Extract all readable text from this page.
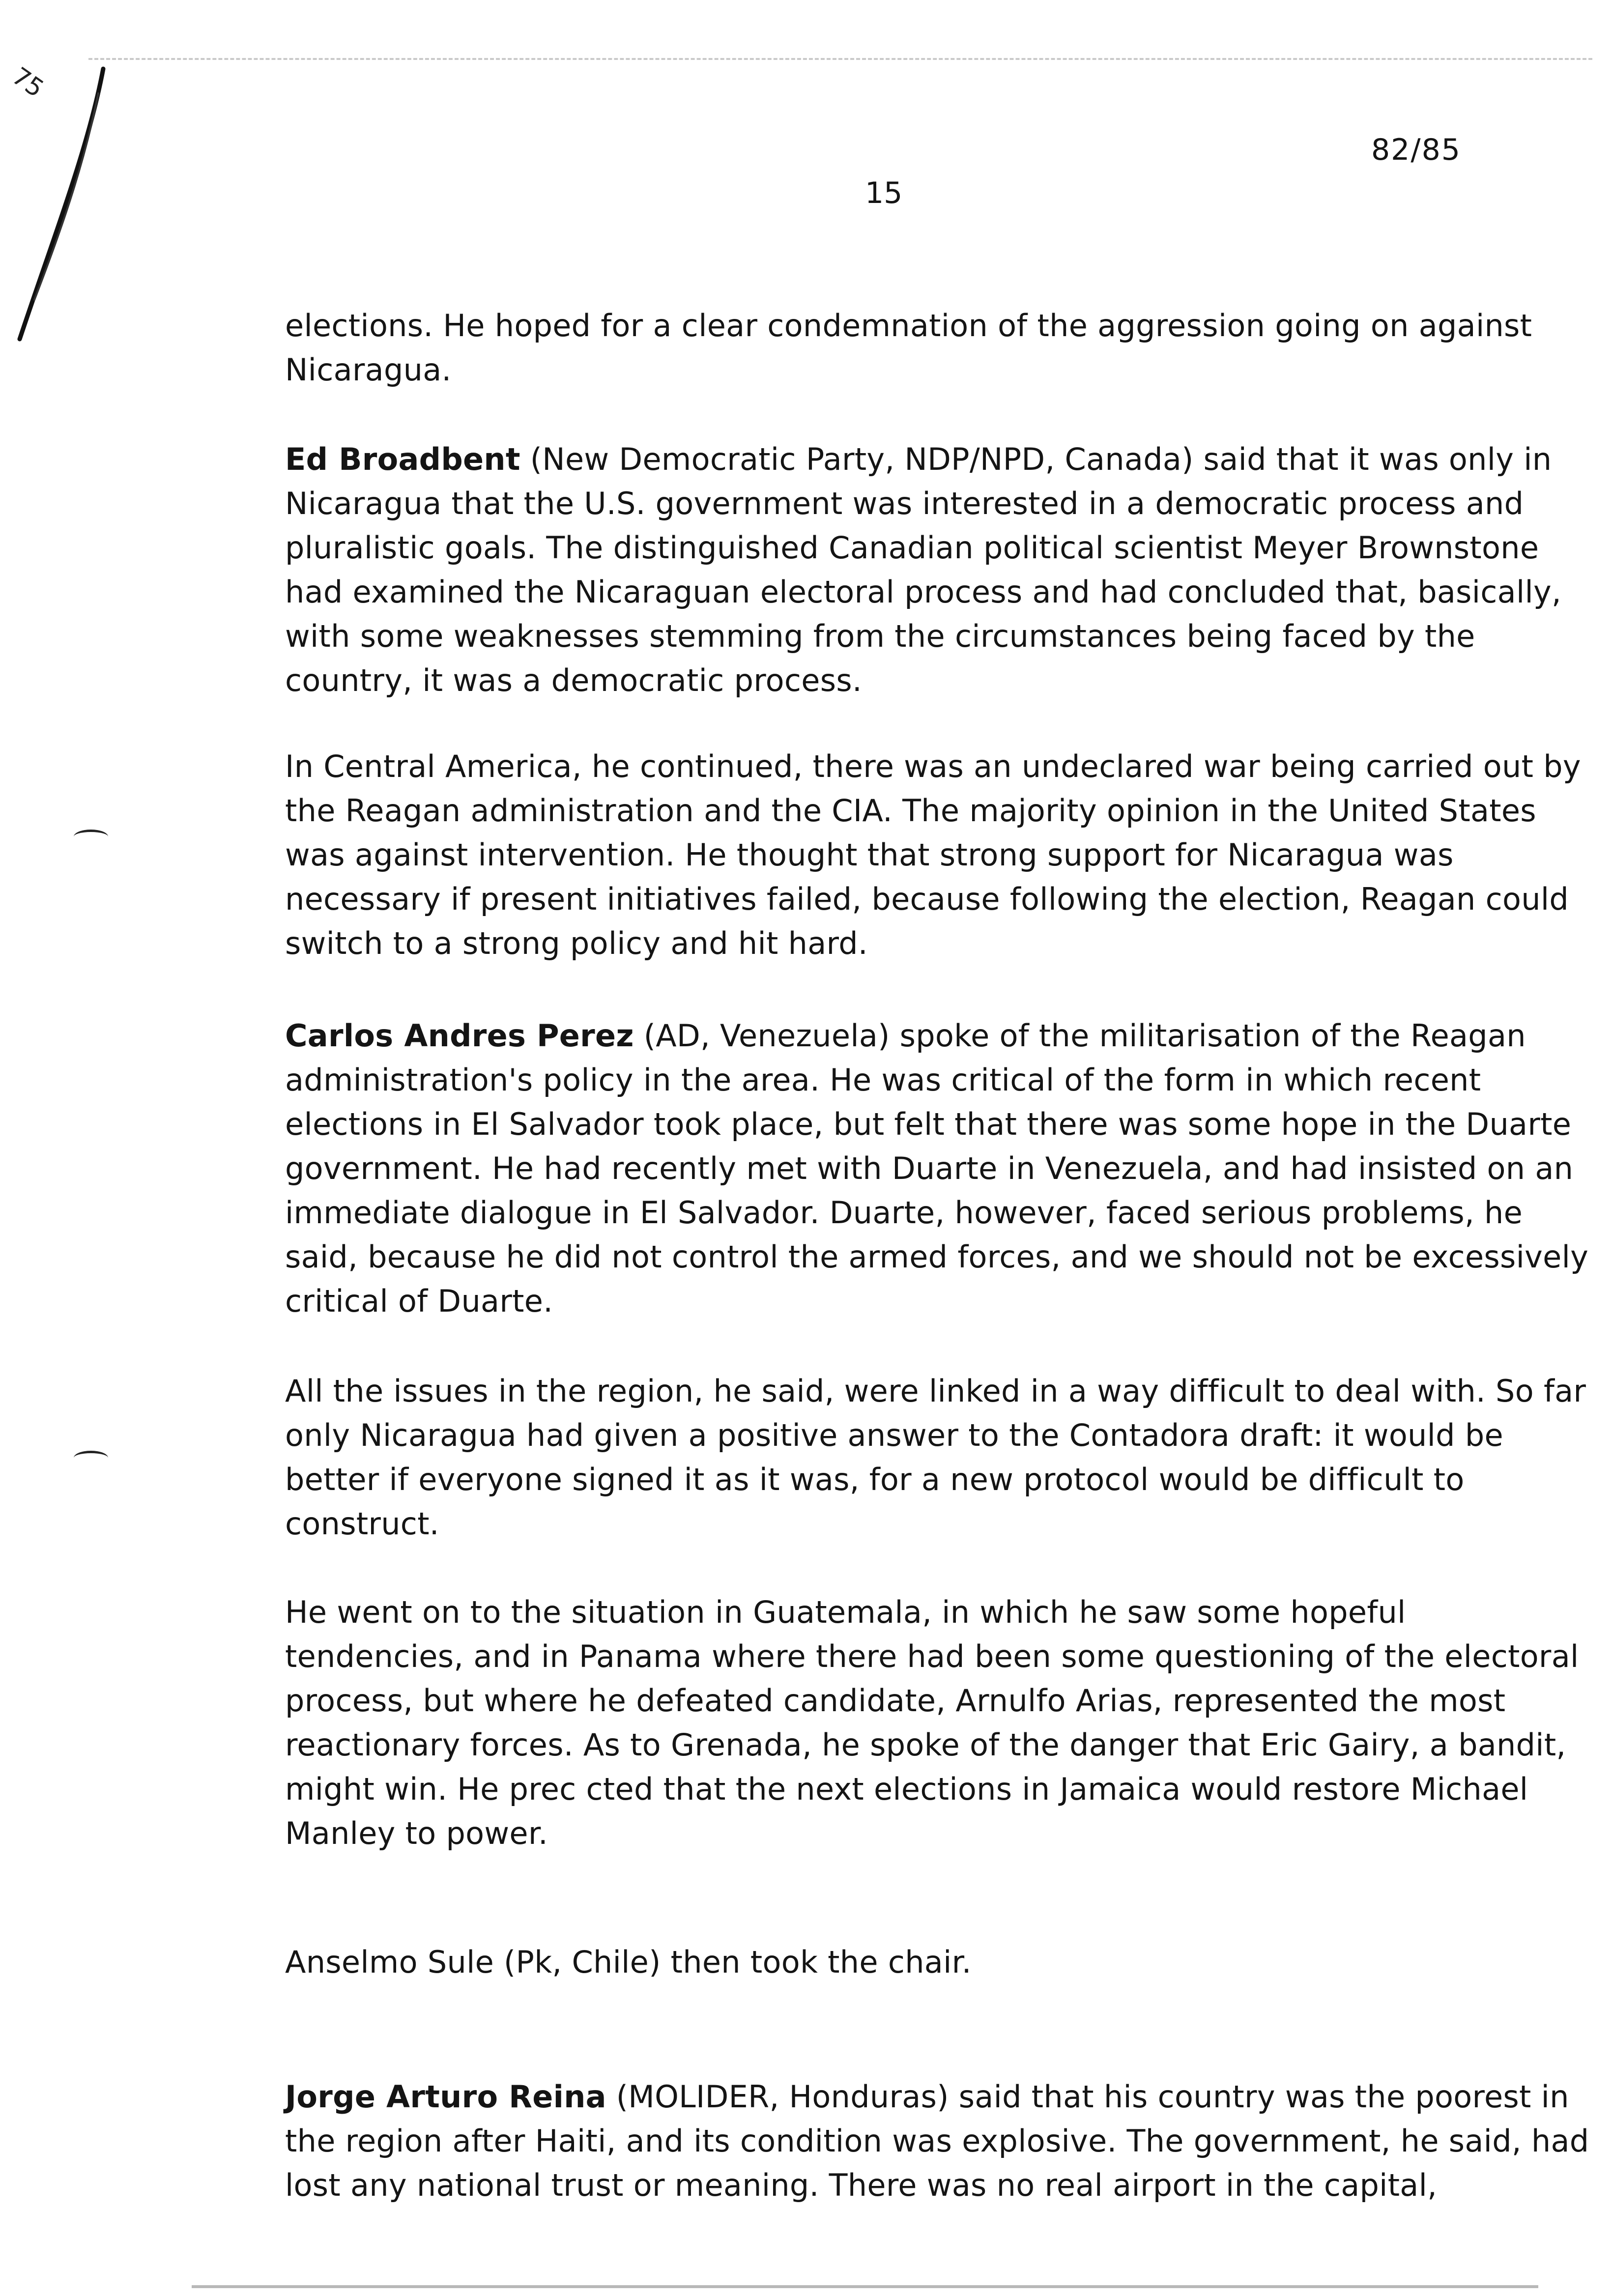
75
82/85
15

elections. He hoped for a clear condemnation of the aggression going on against Nicaragua.

Ed Broadbent (New Democratic Party, NDP/NPD, Canada) said that it was only in Nicaragua that the U.S. government was interested in a democratic process and pluralistic goals. The distinguished Canadian political scientist Meyer Brownstone had examined the Nicaraguan electoral process and had concluded that, basically, with some weaknesses stemming from the circumstances being faced by the country, it was a democratic process.

In Central America, he continued, there was an undeclared war being carried out by the Reagan administration and the CIA. The majority opinion in the United States was against intervention. He thought that strong support for Nicaragua was necessary if present initiatives failed, because following the election, Reagan could switch to a strong policy and hit hard.

Carlos Andres Perez (AD, Venezuela) spoke of the militarisation of the Reagan administration's policy in the area. He was critical of the form in which recent elections in El Salvador took place, but felt that there was some hope in the Duarte government. He had recently met with Duarte in Venezuela, and had insisted on an immediate dialogue in El Salvador. Duarte, however, faced serious problems, he said, because he did not control the armed forces, and we should not be excessively critical of Duarte.

All the issues in the region, he said, were linked in a way difficult to deal with. So far only Nicaragua had given a positive answer to the Contadora draft: it would be better if everyone signed it as it was, for a new protocol would be difficult to construct.

He went on to the situation in Guatemala, in which he saw some hopeful tendencies, and in Panama where there had been some questioning of the electoral process, but where he defeated candidate, Arnulfo Arias, represented the most reactionary forces. As to Grenada, he spoke of the danger that Eric Gairy, a bandit, might win. He prec cted that the next elections in Jamaica would restore Michael Manley to power.

Anselmo Sule (Pk, Chile) then took the chair.

Jorge Arturo Reina (MOLIDER, Honduras) said that his country was the poorest in the region after Haiti, and its condition was explosive. The government, he said, had lost any national trust or meaning. There was no real airport in the capital,
